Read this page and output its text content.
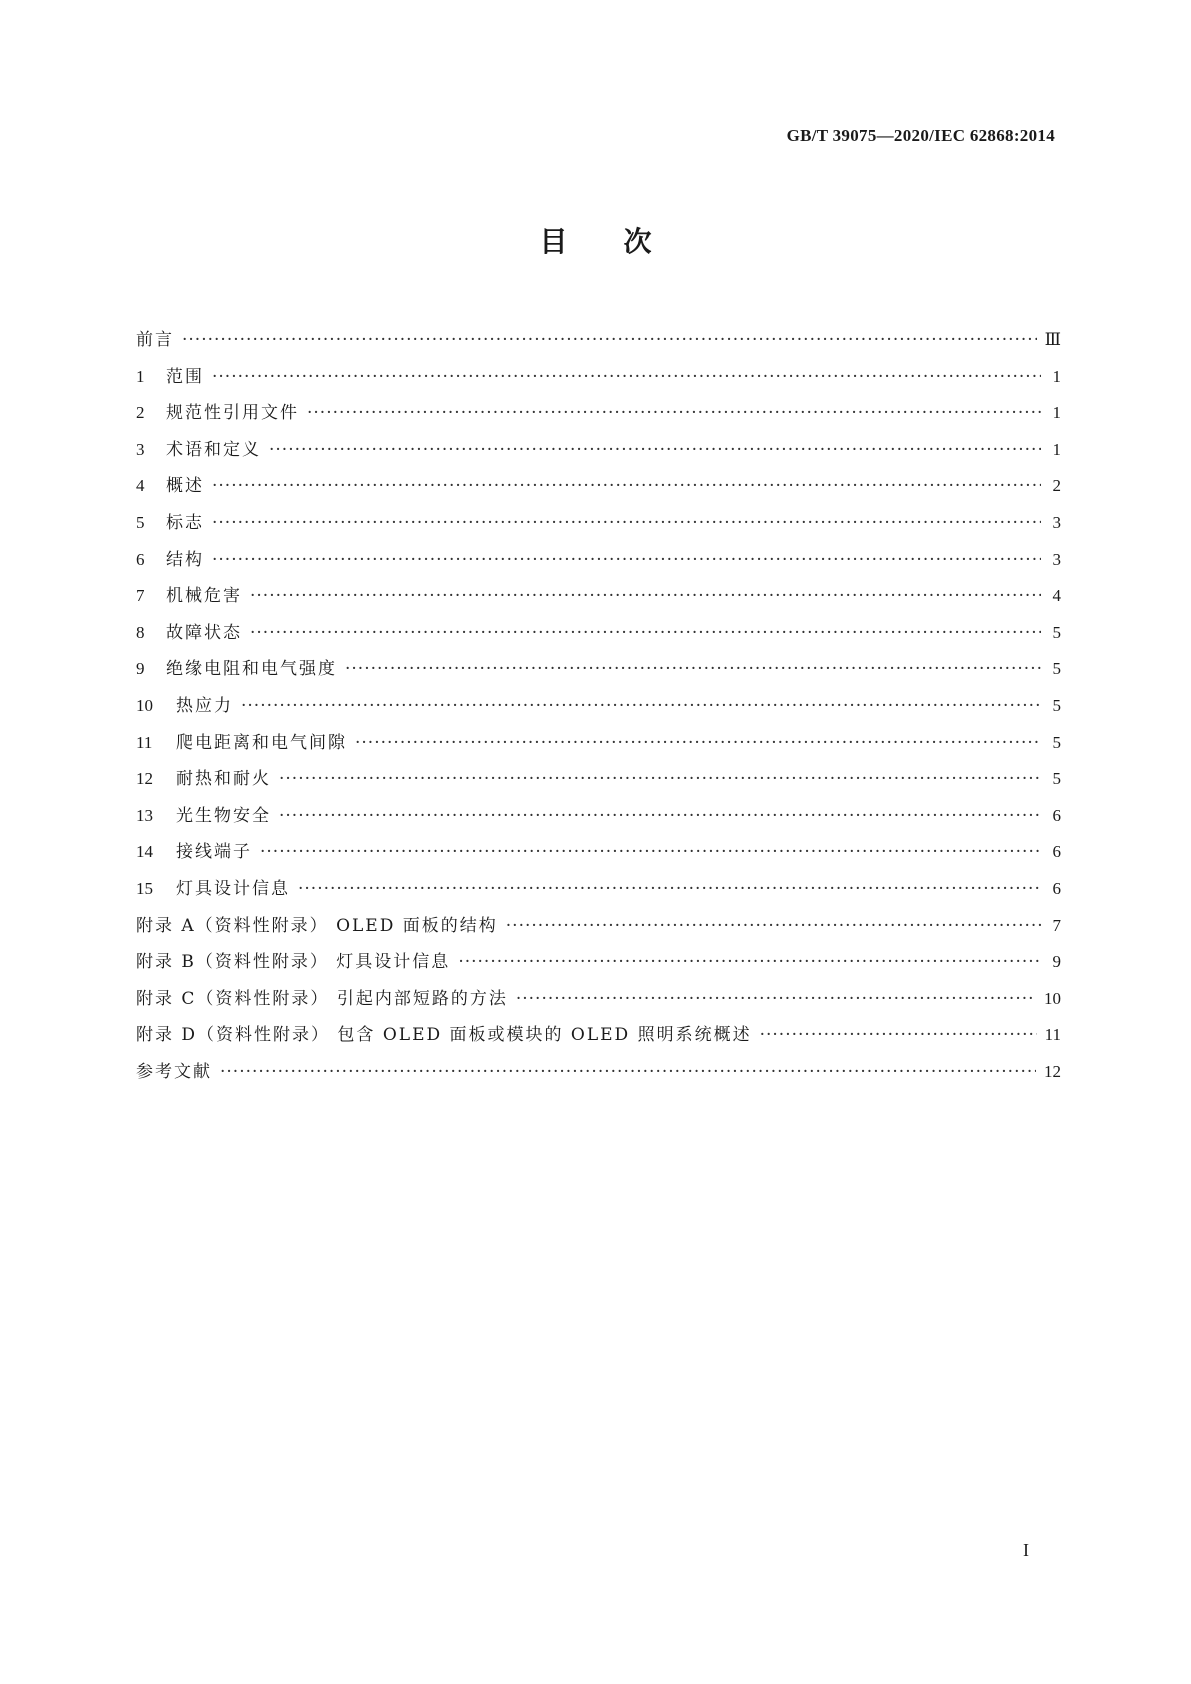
GB/T 39075—2020/IEC 62868:2014
目 次
前言 ·····	Ⅲ
1	范围 ·····	1
2	规范性引用文件 ·····	1
3	术语和定义 ·····	1
4	概述 ·····	2
5	标志 ·····	3
6	结构 ·····	3
7	机械危害 ·····	4
8	故障状态 ·····	5
9	绝缘电阻和电气强度 ·····	5
10	热应力 ·····	5
11	爬电距离和电气间隙 ·····	5
12	耐热和耐火 ·····	5
13	光生物安全 ·····	6
14	接线端子 ·····	6
15	灯具设计信息 ·····	6
附录 A（资料性附录） OLED 面板的结构 ·····	7
附录 B（资料性附录） 灯具设计信息 ·····	9
附录 C（资料性附录） 引起内部短路的方法 ·····	10
附录 D（资料性附录） 包含 OLED 面板或模块的 OLED 照明系统概述 ·····	11
参考文献 ·····	12
I
